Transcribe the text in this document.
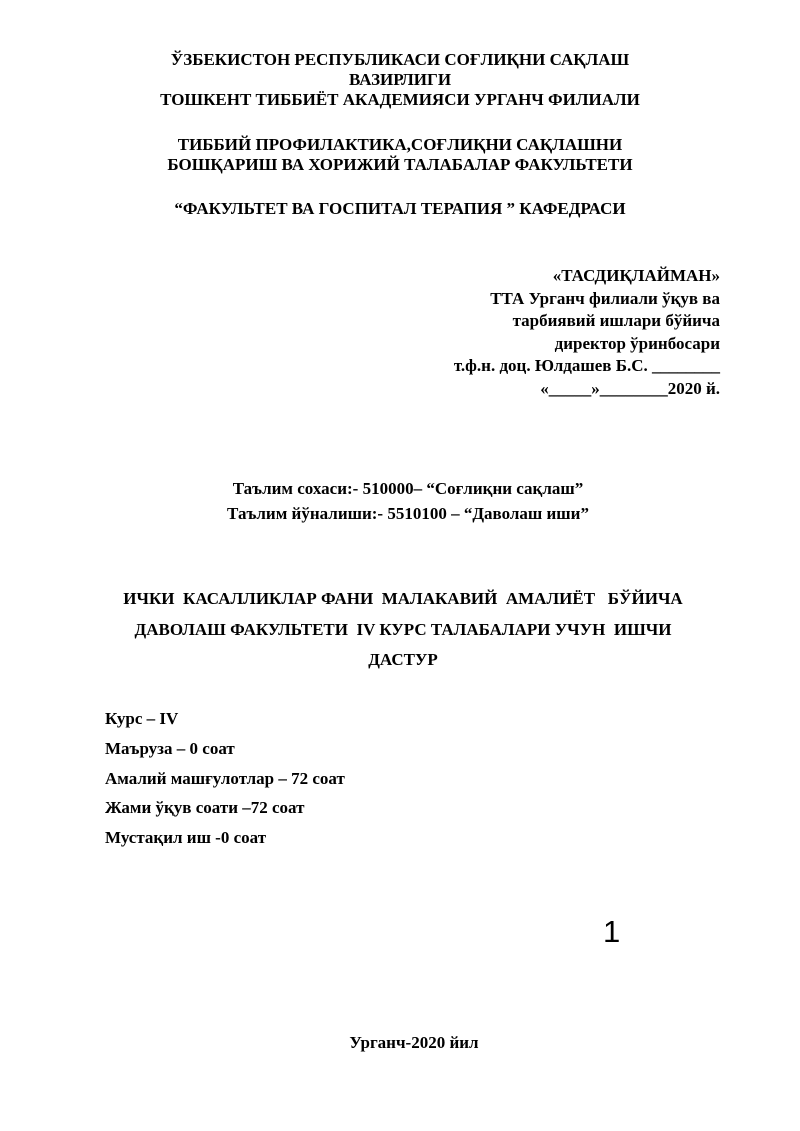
ЎЗБЕКИСТОН РЕСПУБЛИКАСИ СОҒЛИҚНИ САҚЛАШ
ВАЗИРЛИГИ
ТОШКЕНТ ТИББИЁТ АКАДЕМИЯСИ УРГАНЧ ФИЛИАЛИ
ТИББИЙ ПРОФИЛАКТИКА,СОҒЛИҚНИ САҚЛАШНИ
БОШҚАРИШ ВА ХОРИЖИЙ ТАЛАБАЛАР ФАКУЛЬТЕТИ
“ФАКУЛЬТЕТ ВА ГОСПИТАЛ ТЕРАПИЯ ” КАФЕДРАСИ
«ТАСДИҚЛАЙМАН»
ТТА Урганч филиали ўқув ва
тарбиявий ишлари бўйича
директор ўринбосари
т.ф.н. доц. Юлдашев Б.С. ________
«_____»________2020 й.
Таълим сохаси:- 510000– “Соғлиқни сақлаш”
Таълим йўналиши:- 5510100 – “Даволаш иши”
ИЧКИ  КАСАЛЛИКЛАР ФАНИ  МАЛАКАВИЙ  АМАЛИЁТ   БЎЙИЧА
ДАВОЛАШ ФАКУЛЬТЕТИ  IV КУРС ТАЛАБАЛАРИ УЧУН  ИШЧИ
ДАСТУР
Курс – IV
Маъруза – 0 соат
Амалий машғулотлар – 72 соат
Жами ўқув соати –72 соат
Мустақил иш -0 соат
1
Урганч-2020 йил
